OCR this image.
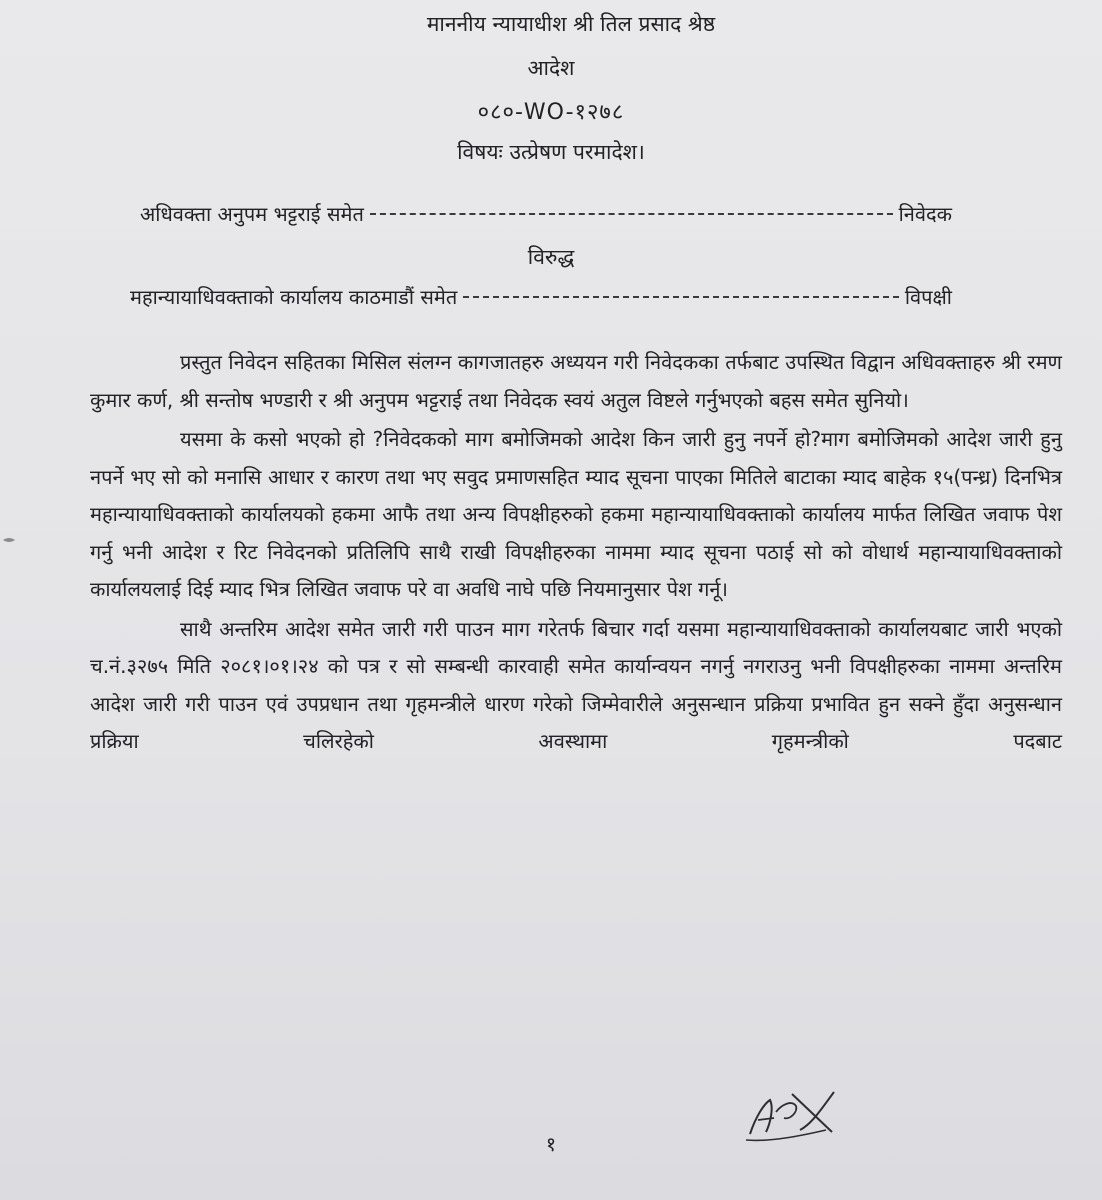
माननीय न्यायाधीश श्री तिल प्रसाद श्रेष्ठ
आदेश
०८०-WO-१२७८
विषयः उत्प्रेषण परमादेश।
अधिवक्ता अनुपम भट्टराई समेत	निवेदक
विरुद्ध
महान्यायाधिवक्ताको कार्यालय काठमाडौं समेत	विपक्षी

प्रस्तुत निवेदन सहितका मिसिल संलग्न कागजातहरु अध्ययन गरी निवेदकका तर्फबाट उपस्थित विद्वान अधिवक्ताहरु श्री रमण कुमार कर्ण, श्री सन्तोष भण्डारी र श्री अनुपम भट्टराई तथा निवेदक स्वयं अतुल विष्टले गर्नुभएको बहस समेत सुनियो।

यसमा के कसो भएको हो ?निवेदकको माग बमोजिमको आदेश किन जारी हुनु नपर्ने हो?माग बमोजिमको आदेश जारी हुनु नपर्ने भए सो को मनासि आधार र कारण तथा भए सवुद प्रमाणसहित म्याद सूचना पाएका मितिले बाटाका म्याद बाहेक १५(पन्ध्र) दिनभित्र महान्यायाधिवक्ताको कार्यालयको हकमा आफै तथा अन्य विपक्षीहरुको हकमा महान्यायाधिवक्ताको कार्यालय मार्फत लिखित जवाफ पेश गर्नु भनी आदेश र रिट निवेदनको प्रतिलिपि साथै राखी विपक्षीहरुका नाममा म्याद सूचना पठाई सो को वोधार्थ महान्यायाधिवक्ताको कार्यालयलाई दिई म्याद भित्र लिखित जवाफ परे वा अवधि नाघे पछि नियमानुसार पेश गर्नू।

साथै अन्तरिम आदेश समेत जारी गरी पाउन माग गरेतर्फ बिचार गर्दा यसमा महान्यायाधिवक्ताको कार्यालयबाट जारी भएको च.नं.३२७५ मिति २०८१।०१।२४ को पत्र र सो सम्बन्धी कारवाही समेत कार्यान्वयन नगर्नु नगराउनु भनी विपक्षीहरुका नाममा अन्तरिम आदेश जारी गरी पाउन एवं उपप्रधान तथा गृहमन्त्रीले धारण गरेको जिम्मेवारीले अनुसन्धान प्रक्रिया प्रभावित हुन सक्ने हुँदा अनुसन्धान प्रक्रिया चलिरहेको अवस्थामा गृहमन्त्रीको पदबाट

१
